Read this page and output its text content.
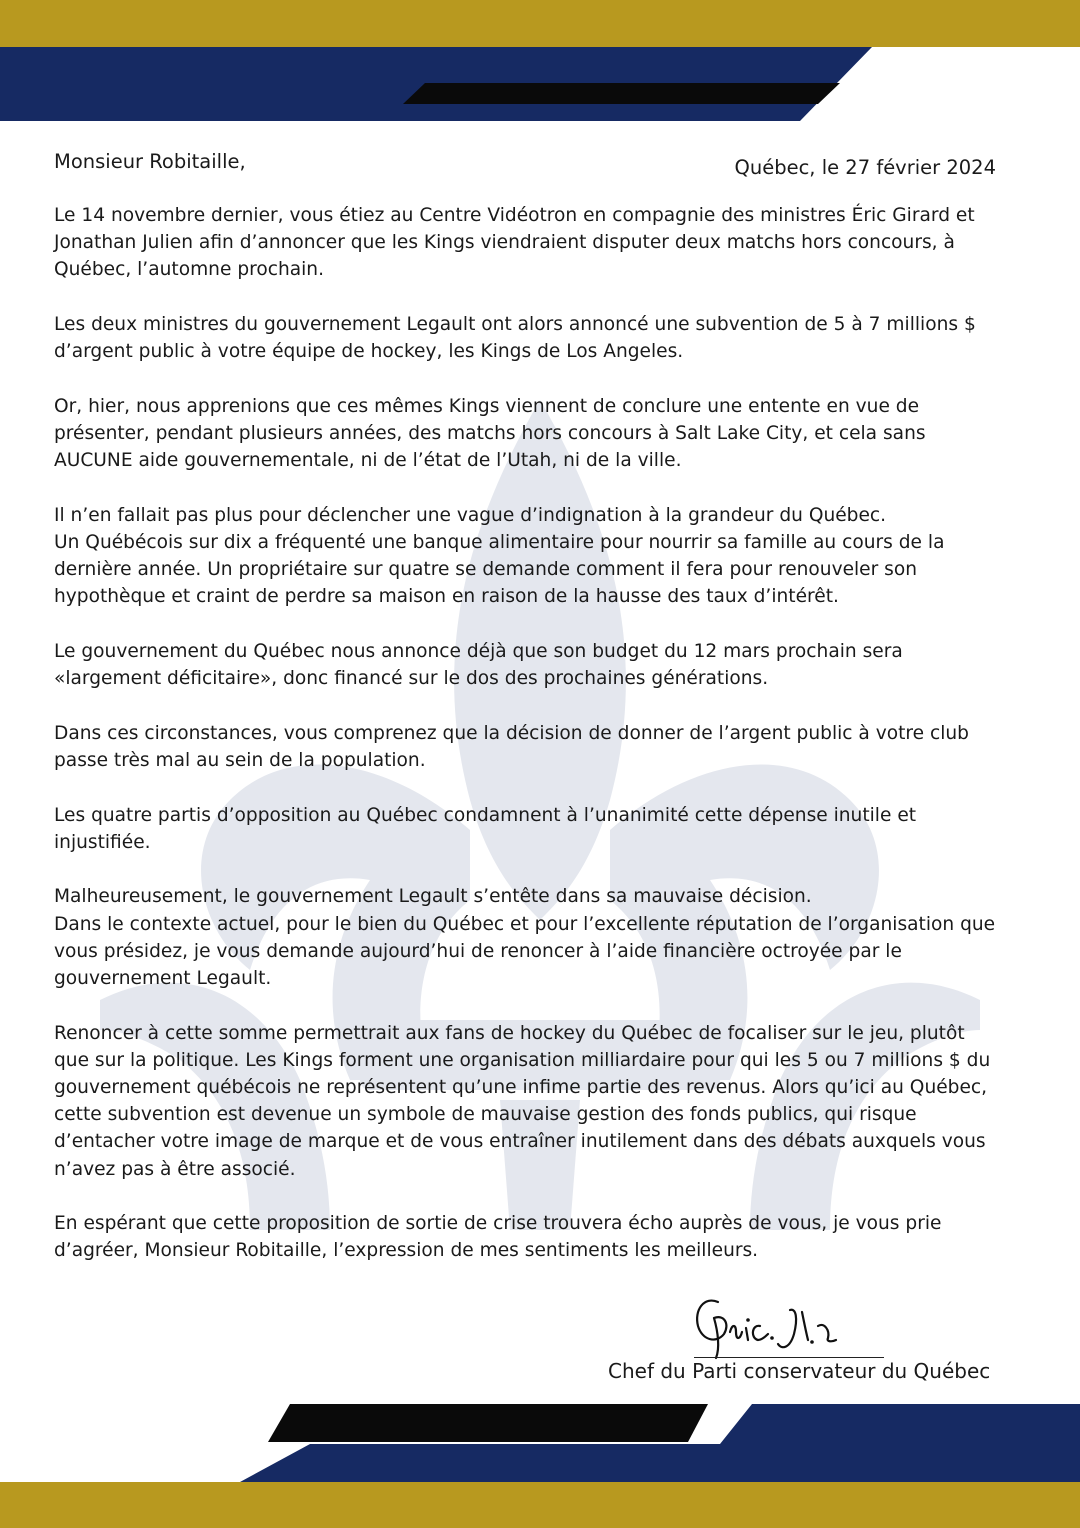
Monsieur Robitaille,	Québec, le 27 février 2024

Le 14 novembre dernier, vous étiez au Centre Vidéotron en compagnie des ministres Éric Girard et
Jonathan Julien afin d’annoncer que les Kings viendraient disputer deux matchs hors concours, à
Québec, l’automne prochain.

Les deux ministres du gouvernement Legault ont alors annoncé une subvention de 5 à 7 millions $
d’argent public à votre équipe de hockey, les Kings de Los Angeles.

Or, hier, nous apprenions que ces mêmes Kings viennent de conclure une entente en vue de
présenter, pendant plusieurs années, des matchs hors concours à Salt Lake City, et cela sans
AUCUNE aide gouvernementale, ni de l’état de l’Utah, ni de la ville.

Il n’en fallait pas plus pour déclencher une vague d’indignation à la grandeur du Québec.
Un Québécois sur dix a fréquenté une banque alimentaire pour nourrir sa famille au cours de la
dernière année. Un propriétaire sur quatre se demande comment il fera pour renouveler son
hypothèque et craint de perdre sa maison en raison de la hausse des taux d’intérêt.

Le gouvernement du Québec nous annonce déjà que son budget du 12 mars prochain sera
«largement déficitaire», donc financé sur le dos des prochaines générations.

Dans ces circonstances, vous comprenez que la décision de donner de l’argent public à votre club
passe très mal au sein de la population.

Les quatre partis d’opposition au Québec condamnent à l’unanimité cette dépense inutile et
injustifiée.

Malheureusement, le gouvernement Legault s’entête dans sa mauvaise décision.
Dans le contexte actuel, pour le bien du Québec et pour l’excellente réputation de l’organisation que
vous présidez, je vous demande aujourd’hui de renoncer à l’aide financière octroyée par le
gouvernement Legault.

Renoncer à cette somme permettrait aux fans de hockey du Québec de focaliser sur le jeu, plutôt
que sur la politique. Les Kings forment une organisation milliardaire pour qui les 5 ou 7 millions $ du
gouvernement québécois ne représentent qu’une infime partie des revenus. Alors qu’ici au Québec,
cette subvention est devenue un symbole de mauvaise gestion des fonds publics, qui risque
d’entacher votre image de marque et de vous entraîner inutilement dans des débats auxquels vous
n’avez pas à être associé.

En espérant que cette proposition de sortie de crise trouvera écho auprès de vous, je vous prie
d’agréer, Monsieur Robitaille, l’expression de mes sentiments les meilleurs.

Chef du Parti conservateur du Québec
